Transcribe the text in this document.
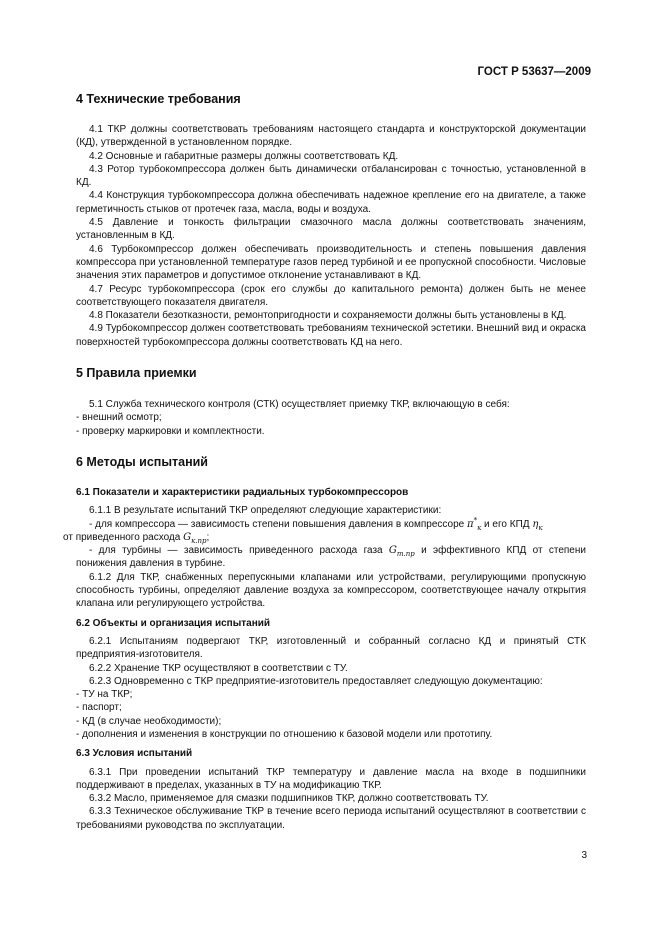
ГОСТ Р 53637—2009
4 Технические требования

4.1 ТКР должны соответствовать требованиям настоящего стандарта и конструкторской документации (КД), утвержденной в установленном порядке.

4.2 Основные и габаритные размеры должны соответствовать КД.

4.3 Ротор турбокомпрессора должен быть динамически отбалансирован с точностью, установленной в КД.

4.4 Конструкция турбокомпрессора должна обеспечивать надежное крепление его на двигателе, а также герметичность стыков от протечек газа, масла, воды и воздуха.

4.5 Давление и тонкость фильтрации смазочного масла должны соответствовать значениям, установленным в КД.

4.6 Турбокомпрессор должен обеспечивать производительность и степень повышения давления компрессора при установленной температуре газов перед турбиной и ее пропускной способности. Числовые значения этих параметров и допустимое отклонение устанавливают в КД.

4.7 Ресурс турбокомпрессора (срок его службы до капитального ремонта) должен быть не менее соответствующего показателя двигателя.

4.8 Показатели безотказности, ремонтопригодности и сохраняемости должны быть установлены в КД.

4.9 Турбокомпрессор должен соответствовать требованиям технической эстетики. Внешний вид и окраска поверхностей турбокомпрессора должны соответствовать КД на него.

5 Правила приемки

5.1 Служба технического контроля (СТК) осуществляет приемку ТКР, включающую в себя:

- внешний осмотр;

- проверку маркировки и комплектности.

6 Методы испытаний
6.1 Показатели и характеристики радиальных турбокомпрессоров

6.1.1 В результате испытаний ТКР определяют следующие характеристики:

- для компрессора — зависимость степени повышения давления в компрессоре $\pi^*_к$ и его КПД $\eta_к$
от приведенного расхода $G_{к.пр}$;

- для турбины — зависимость приведенного расхода газа $G_{т.пр}$ и эффективного КПД от степени понижения давления в турбине.

6.1.2 Для ТКР, снабженных перепускными клапанами или устройствами, регулирующими пропускную способность турбины, определяют давление воздуха за компрессором, соответствующее началу открытия клапана или регулирующего устройства.

6.2 Объекты и организация испытаний

6.2.1 Испытаниям подвергают ТКР, изготовленный и собранный согласно КД и принятый СТК предприятия-изготовителя.

6.2.2 Хранение ТКР осуществляют в соответствии с ТУ.

6.2.3 Одновременно с ТКР предприятие-изготовитель предоставляет следующую документацию:

- ТУ на ТКР;

- паспорт;

- КД (в случае необходимости);

- дополнения и изменения в конструкции по отношению к базовой модели или прототипу.

6.3 Условия испытаний

6.3.1 При проведении испытаний ТКР температуру и давление масла на входе в подшипники поддерживают в пределах, указанных в ТУ на модификацию ТКР.

6.3.2 Масло, применяемое для смазки подшипников ТКР, должно соответствовать ТУ.

6.3.3 Техническое обслуживание ТКР в течение всего периода испытаний осуществляют в соответствии с требованиями руководства по эксплуатации.

3
